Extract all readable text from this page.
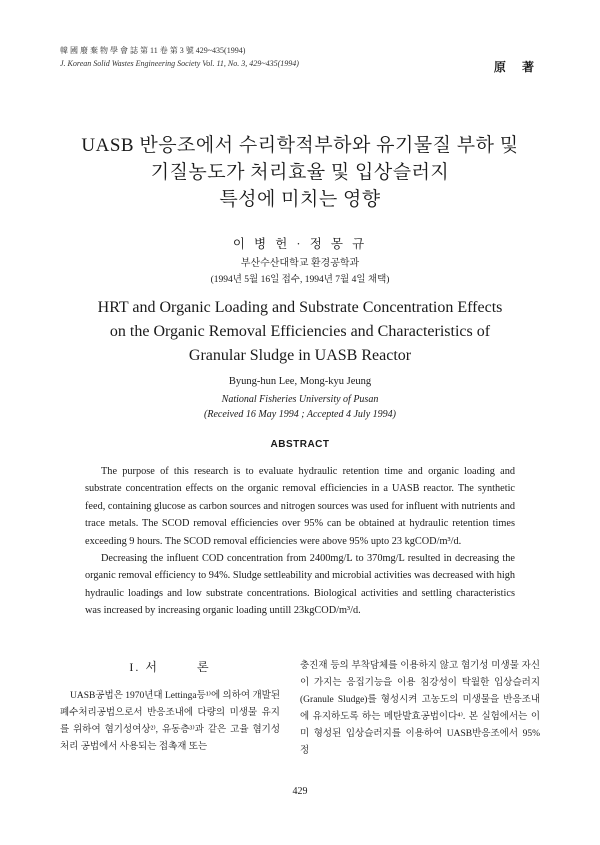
韓 國 廢 棄 物 學 會 誌 第 11 卷 第 3 號 429~435(1994)
J. Korean Solid Wastes Engineering Society Vol. 11, No. 3, 429~435(1994)	原 著
UASB 반응조에서 수리학적부하와 유기물질 부하 및
기질농도가 처리효율 및 입상슬러지
특성에 미치는 영향
이 병 헌 · 정 몽 규
부산수산대학교 환경공학과
(1994년 5월 16일 접수, 1994년 7월 4일 채택)
HRT and Organic Loading and Substrate Concentration Effects
on the Organic Removal Efficiencies and Characteristics of
Granular Sludge in UASB Reactor
Byung-hun Lee, Mong-kyu Jeung
National Fisheries University of Pusan
(Received 16 May 1994 ; Accepted 4 July 1994)
ABSTRACT

The purpose of this research is to evaluate hydraulic retention time and organic loading and substrate concentration effects on the organic removal efficiencies in a UASB reactor. The synthetic feed, containing glucose as carbon sources and nitrogen sources was used for influent with nutrients and trace metals. The SCOD removal efficiencies over 95% can be obtained at hydraulic retention times exceeding 9 hours. The SCOD removal efficiencies were above 95% upto 23 kgCOD/m³/d.

Decreasing the influent COD concentration from 2400mg/L to 370mg/L resulted in decreasing the organic removal efficiency to 94%. Sludge settleability and microbial activities was decreased with high hydraulic loadings and low substrate concentrations. Biological activities and settling characteristics was increased by increasing organic loading untill 23kgCOD/m³/d.

I. 서	론

UASB공법은 1970년대 Lettinga등¹⁾에 의하여 개발된 폐수처리공법으로서 반응조내에 다량의 미생물 유지를 위하여 혐기성여상²⁾, 유동층³⁾과 같은 고율 혐기성 처리 공법에서 사용되는 접촉재 또는

충진재 등의 부착담체를 이용하지 않고 혐기성 미생물 자신이 가지는 응집기능을 이용 침강성이 탁월한 입상슬러지(Granule Sludge)를 형성시켜 고농도의 미생물을 반응조내에 유지하도록 하는 메탄발효공법이다⁴⁾. 본 실험에서는 이미 형성된 입상슬러지를 이용하여 UASB반응조에서 95% 정

429
